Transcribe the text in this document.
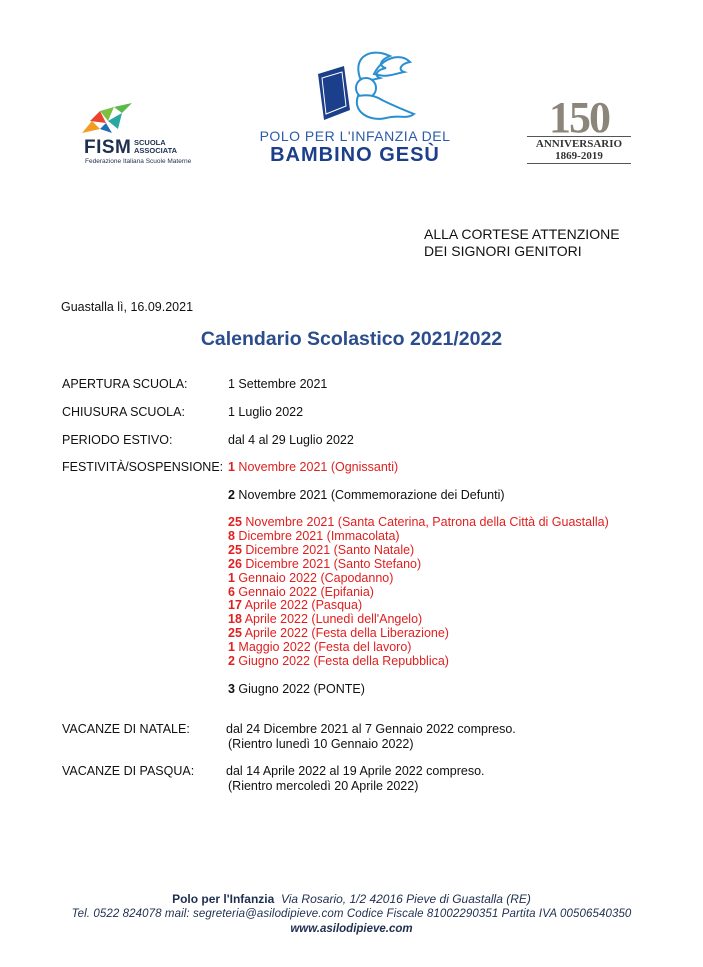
FISM SCUOLA
ASSOCIATA
Federazione Italiana Scuole Materne
POLO PER L'INFANZIA DEL
BAMBINO GESÙ
150
ANNIVERSARIO
1869-2019
ALLA CORTESE ATTENZIONE
DEI SIGNORI GENITORI
Guastalla lì, 16.09.2021
Calendario Scolastico 2021/2022
APERTURA SCUOLA:	1 Settembre 2021
CHIUSURA SCUOLA:	1 Luglio 2022
PERIODO ESTIVO:	dal 4 al 29 Luglio 2022
FESTIVITÀ/SOSPENSIONE: 1 Novembre 2021 (Ognissanti)
2 Novembre 2021 (Commemorazione dei Defunti)
25 Novembre 2021 (Santa Caterina, Patrona della Città di Guastalla)
8 Dicembre 2021 (Immacolata)
25 Dicembre 2021 (Santo Natale)
26 Dicembre 2021 (Santo Stefano)
1 Gennaio 2022 (Capodanno)
6 Gennaio 2022 (Epifania)
17 Aprile 2022 (Pasqua)
18 Aprile 2022 (Lunedì dell'Angelo)
25 Aprile 2022 (Festa della Liberazione)
1 Maggio 2022 (Festa del lavoro)
2 Giugno 2022 (Festa della Repubblica)
3 Giugno 2022 (PONTE)
VACANZE DI NATALE:	dal 24 Dicembre 2021 al 7 Gennaio 2022 compreso.
(Rientro lunedì 10 Gennaio 2022)
VACANZE DI PASQUA:	dal 14 Aprile 2022 al 19 Aprile 2022 compreso.
(Rientro mercoledì 20 Aprile 2022)
Polo per l'Infanzia Via Rosario, 1/2 42016 Pieve di Guastalla (RE)
Tel. 0522 824078 mail: segreteria@asilodipieve.com Codice Fiscale 81002290351 Partita IVA 00506540350
www.asilodipieve.com
